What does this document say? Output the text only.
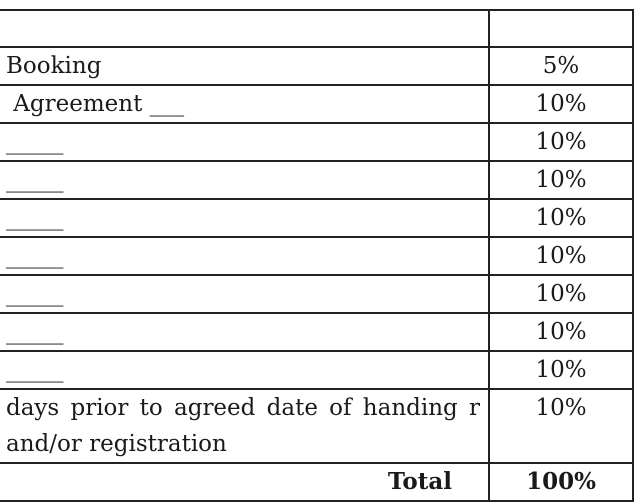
Booking	5%
Agreement ___	10%
_____	10%
_____	10%
_____	10%
_____	10%
_____	10%
_____	10%
_____	10%
days prior to agreed date of handing r and/or registration	10%
Total	100%
